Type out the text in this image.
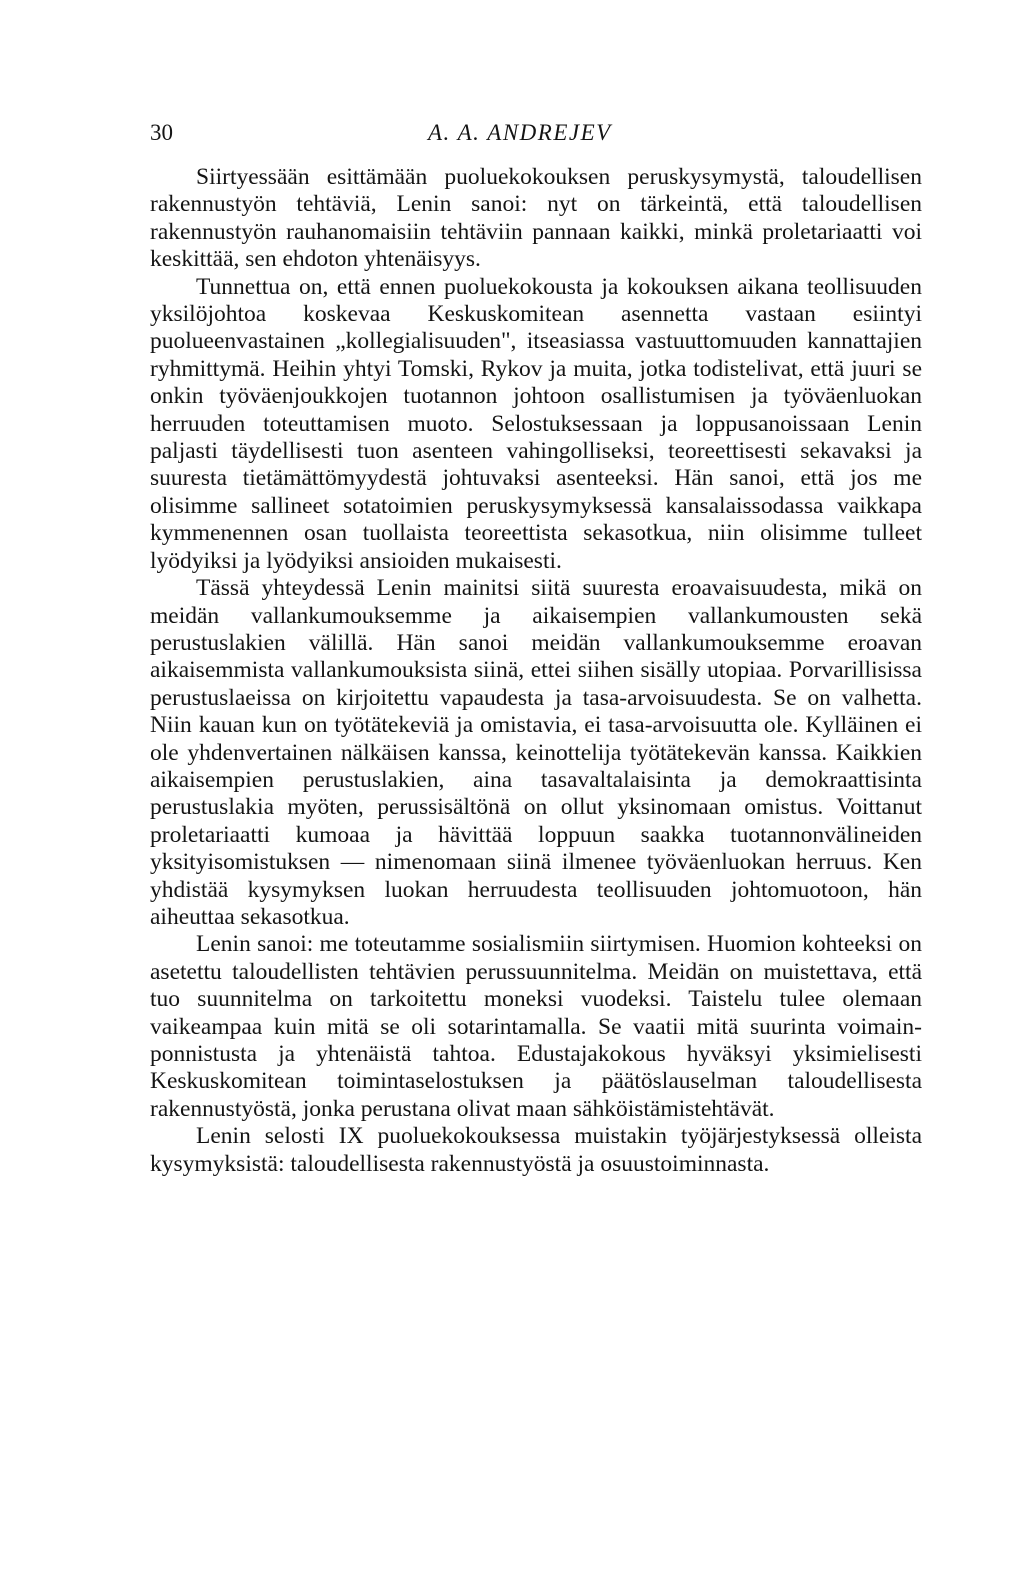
30	A. A. ANDREJEV

Siirtyessään esittämään puoluekokouksen peruskysymystä, taloudellisen rakennustyön tehtäviä, Lenin sanoi: nyt on tärkeintä, että taloudellisen rakennustyön rauhanomaisiin tehtäviin pannaan kaikki, minkä proletariaatti voi keskittää, sen ehdoton yhtenäisyys.

Tunnettua on, että ennen puoluekokousta ja kokouksen aikana teollisuuden yksilöjohtoa koskevaa Keskuskomitean asennetta vastaan esiintyi puolueenvastainen „kollegialisuuden", itseasiassa vastuuttomuuden kannattajien ryhmittymä. Heihin yhtyi Tomski, Rykov ja muita, jotka todistelivat, että juuri se onkin työväenjoukkojen tuotannon johtoon osallistumisen ja työväenluokan herruuden toteuttamisen muoto. Selostuksessaan ja loppusanoissaan Lenin paljasti täydellisesti tuon asenteen vahingolliseksi, teoreettisesti sekavaksi ja suuresta tietämättömyydestä johtuvaksi asenteeksi. Hän sanoi, että jos me olisimme sallineet sotatoimien peruskysymyksessä kansalaissodassa vaikkapa kymmenennen osan tuollaista teoreettista sekasotkua, niin olisimme tulleet lyödyiksi ja lyödyiksi ansioiden mukaisesti.

Tässä yhteydessä Lenin mainitsi siitä suuresta eroavaisuudesta, mikä on meidän vallankumouksemme ja aikaisempien vallankumousten sekä perustuslakien välillä. Hän sanoi meidän vallankumouksemme eroavan aikaisemmista vallankumouksista siinä, ettei siihen sisälly utopiaa. Porvarillisissa perustuslaeissa on kirjoitettu vapaudesta ja tasa-arvoisuudesta. Se on valhetta. Niin kauan kun on työtätekeviä ja omistavia, ei tasa-arvoisuutta ole. Kylläinen ei ole yhdenvertainen nälkäisen kanssa, keinottelija työtätekevän kanssa. Kaikkien aikaisempien perustuslakien, aina tasavaltalaisinta ja demokraattisinta perustuslakia myöten, perussisältönä on ollut yksinomaan omistus. Voittanut proletariaatti kumoaa ja hävittää loppuun saakka tuotannonvälineiden yksityisomistuksen — nimenomaan siinä ilmenee työväenluokan herruus. Ken yhdistää kysymyksen luokan herruudesta teollisuuden johtomuotoon, hän aiheuttaa sekasotkua.

Lenin sanoi: me toteutamme sosialismiin siirtymisen. Huomion kohteeksi on asetettu taloudellisten tehtävien perussuunnitelma. Meidän on muistettava, että tuo suunnitelma on tarkoitettu moneksi vuodeksi. Taistelu tulee olemaan vaikeampaa kuin mitä se oli sotarintamalla. Se vaatii mitä suurinta voimainponnistusta ja yhtenäistä tahtoa. Edustajakokous hyväksyi yksimielisesti Keskuskomitean toimintaselostuksen ja päätöslauselman taloudellisesta rakennustyöstä, jonka perustana olivat maan sähköistämistehtävät.

Lenin selosti IX puoluekokouksessa muistakin työjärjestyksessä olleista kysymyksistä: taloudellisesta rakennustyöstä ja osuustoiminnasta.
